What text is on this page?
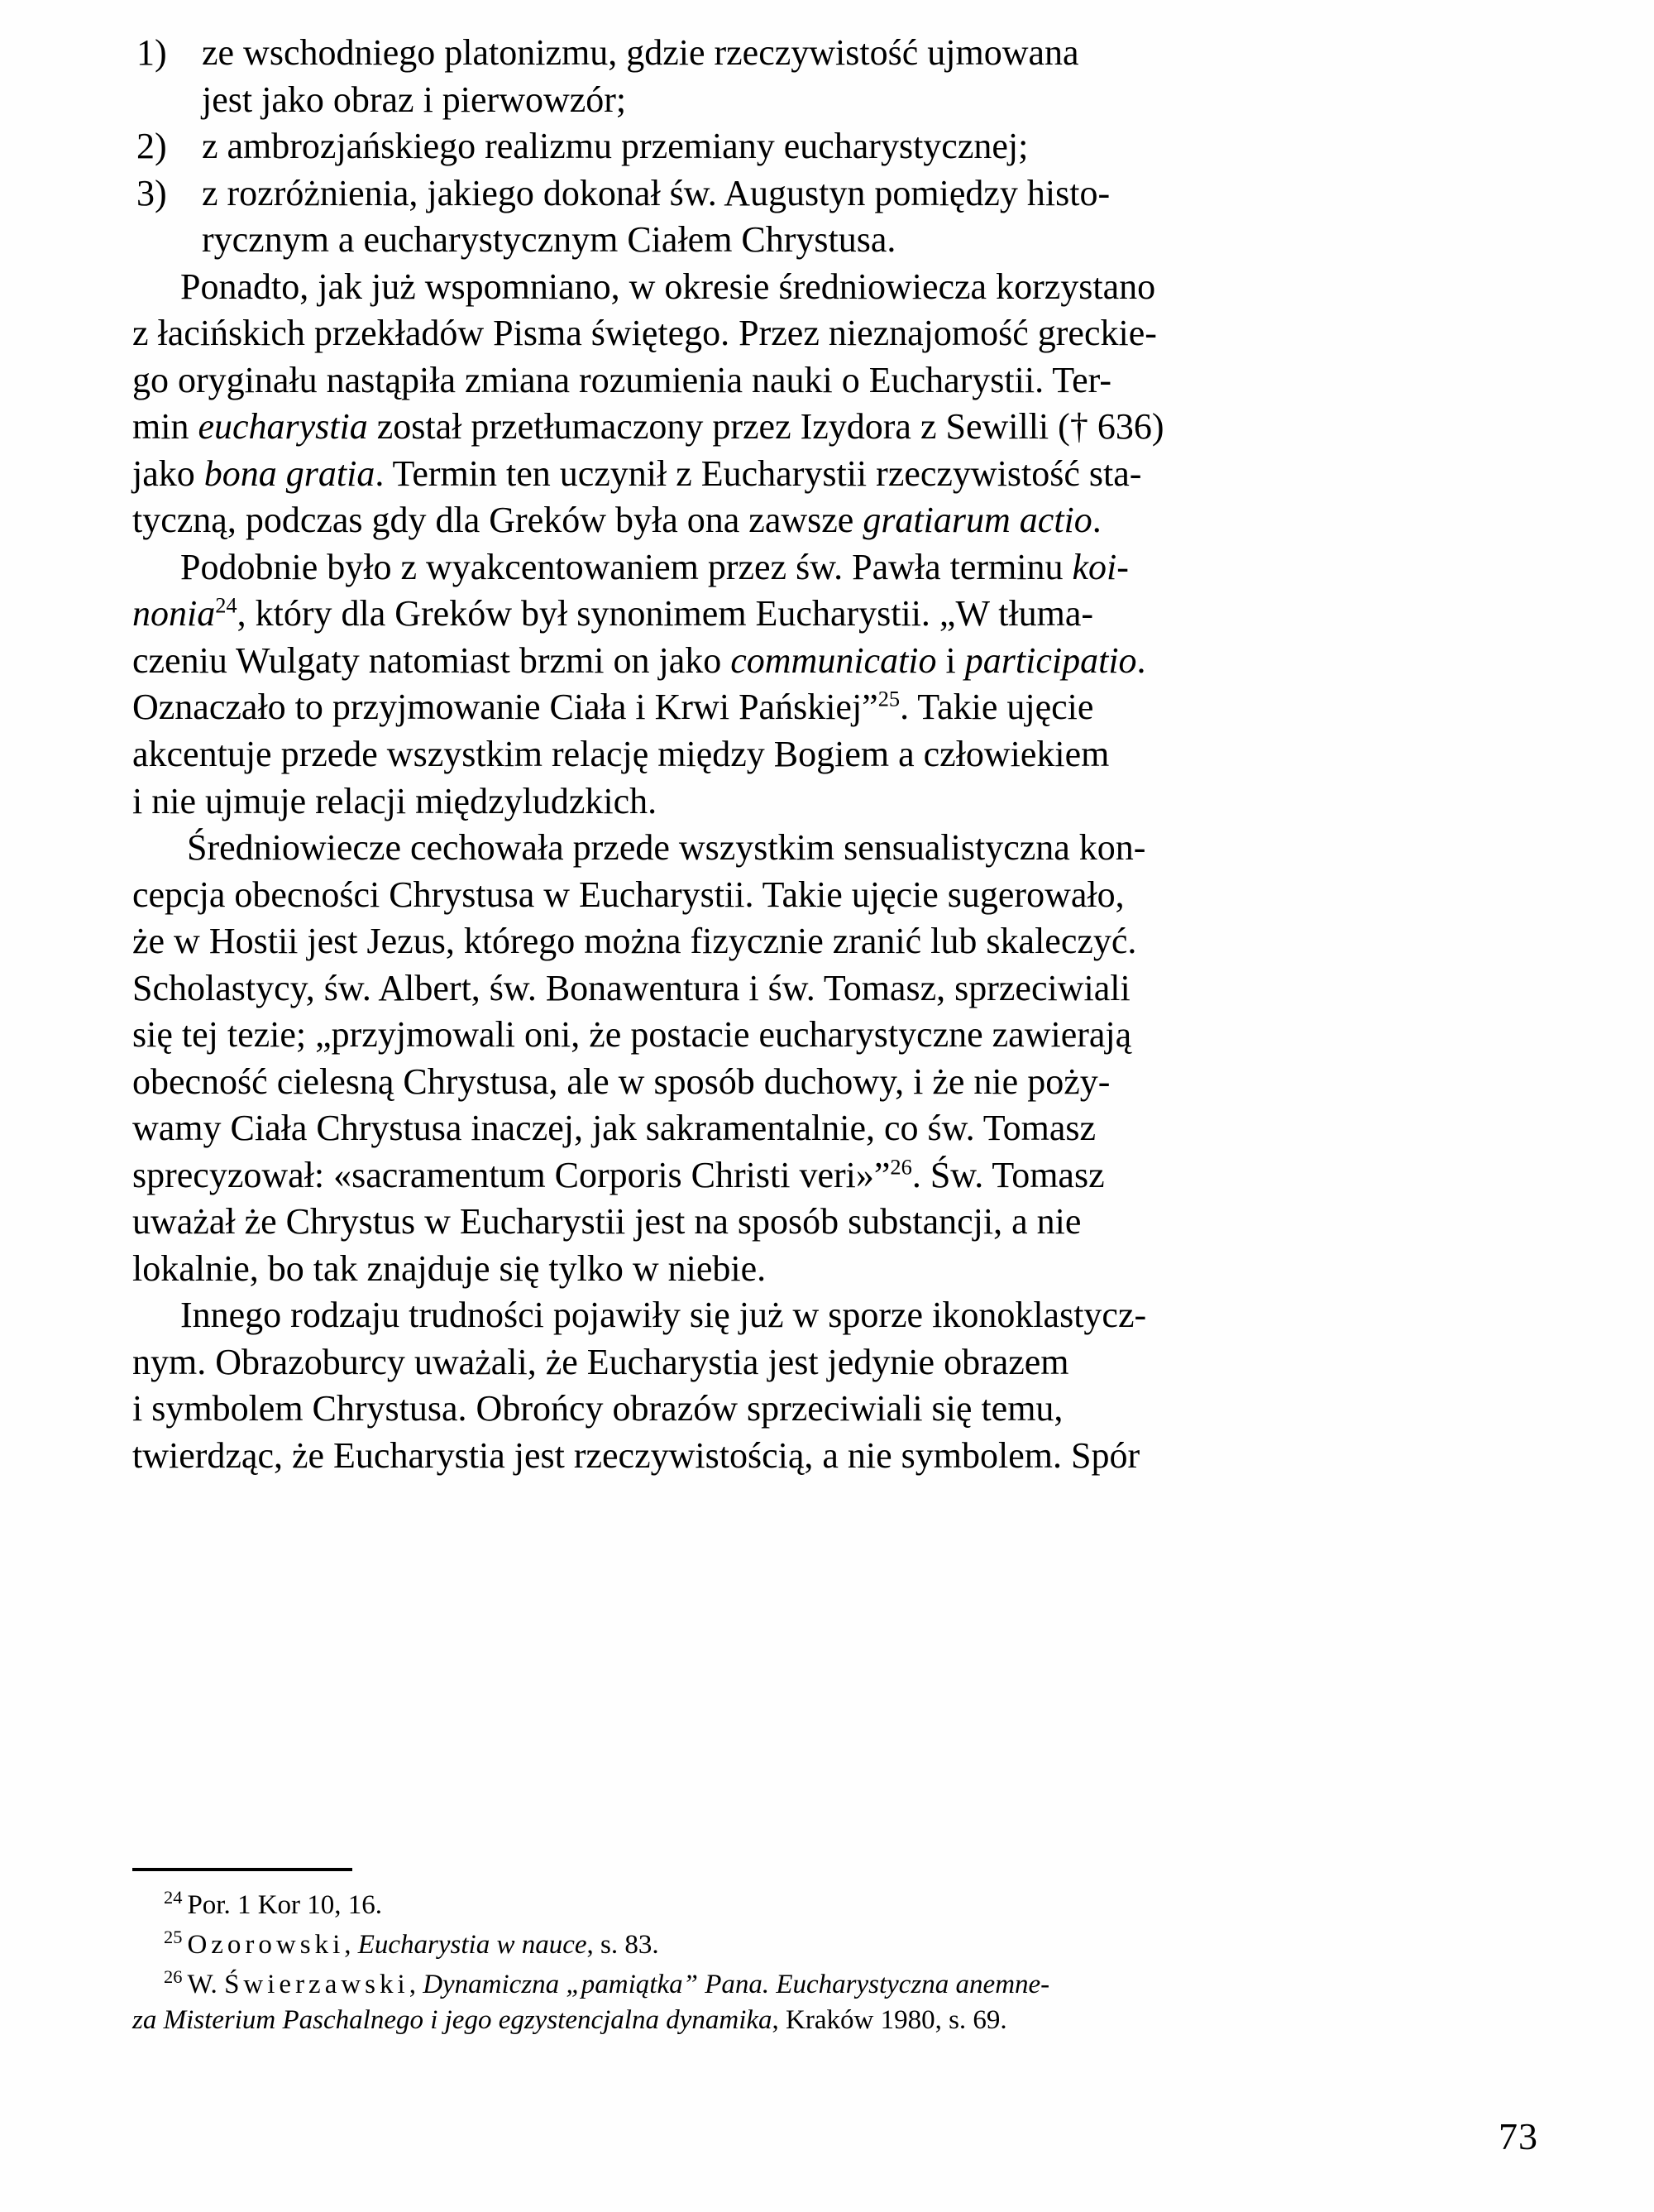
1) ze wschodniego platonizmu, gdzie rzeczywistość ujmowana
jest jako obraz i pierwowzór;
2) z ambrozjańskiego realizmu przemiany eucharystycznej;
3) z rozróżnienia, jakiego dokonał św. Augustyn pomiędzy histo-
rycznym a eucharystycznym Ciałem Chrystusa.

Ponadto, jak już wspomniano, w okresie średniowiecza korzystano
z łacińskich przekładów Pisma świętego. Przez nieznajomość greckie-
go oryginału nastąpiła zmiana rozumienia nauki o Eucharystii. Ter-
min eucharystia został przetłumaczony przez Izydora z Sewilli († 636)
jako bona gratia. Termin ten uczynił z Eucharystii rzeczywistość sta-
tyczną, podczas gdy dla Greków była ona zawsze gratiarum actio.

Podobnie było z wyakcentowaniem przez św. Pawła terminu koi-
nonia$^{24}$, który dla Greków był synonimem Eucharystii. „W tłuma-
czeniu Wulgaty natomiast brzmi on jako communicatio i participatio.
Oznaczało to przyjmowanie Ciała i Krwi Pańskiej”$^{25}$. Takie ujęcie
akcentuje przede wszystkim relację między Bogiem a człowiekiem
i nie ujmuje relacji międzyludzkich.

Średniowiecze cechowała przede wszystkim sensualistyczna kon-
cepcja obecności Chrystusa w Eucharystii. Takie ujęcie sugerowało,
że w Hostii jest Jezus, którego można fizycznie zranić lub skaleczyć.
Scholastycy, św. Albert, św. Bonawentura i św. Tomasz, sprzeciwiali
się tej tezie; „przyjmowali oni, że postacie eucharystyczne zawierają
obecność cielesną Chrystusa, ale w sposób duchowy, i że nie poży-
wamy Ciała Chrystusa inaczej, jak sakramentalnie, co św. Tomasz
sprecyzował: «sacramentum Corporis Christi veri»”$^{26}$. Św. Tomasz
uważał że Chrystus w Eucharystii jest na sposób substancji, a nie
lokalnie, bo tak znajduje się tylko w niebie.

Innego rodzaju trudności pojawiły się już w sporze ikonoklastycz-
nym. Obrazoburcy uważali, że Eucharystia jest jedynie obrazem
i symbolem Chrystusa. Obrońcy obrazów sprzeciwiali się temu,
twierdząc, że Eucharystia jest rzeczywistością, a nie symbolem. Spór

$^{24}$ Por. 1 Kor 10, 16.
$^{25}$ Ozorowski, Eucharystia w nauce, s. 83.
$^{26}$ W. Świerzawski, Dynamiczna „pamiątka” Pana. Eucharystyczna anemne-
za Misterium Paschalnego i jego egzystencjalna dynamika, Kraków 1980, s. 69.
73
